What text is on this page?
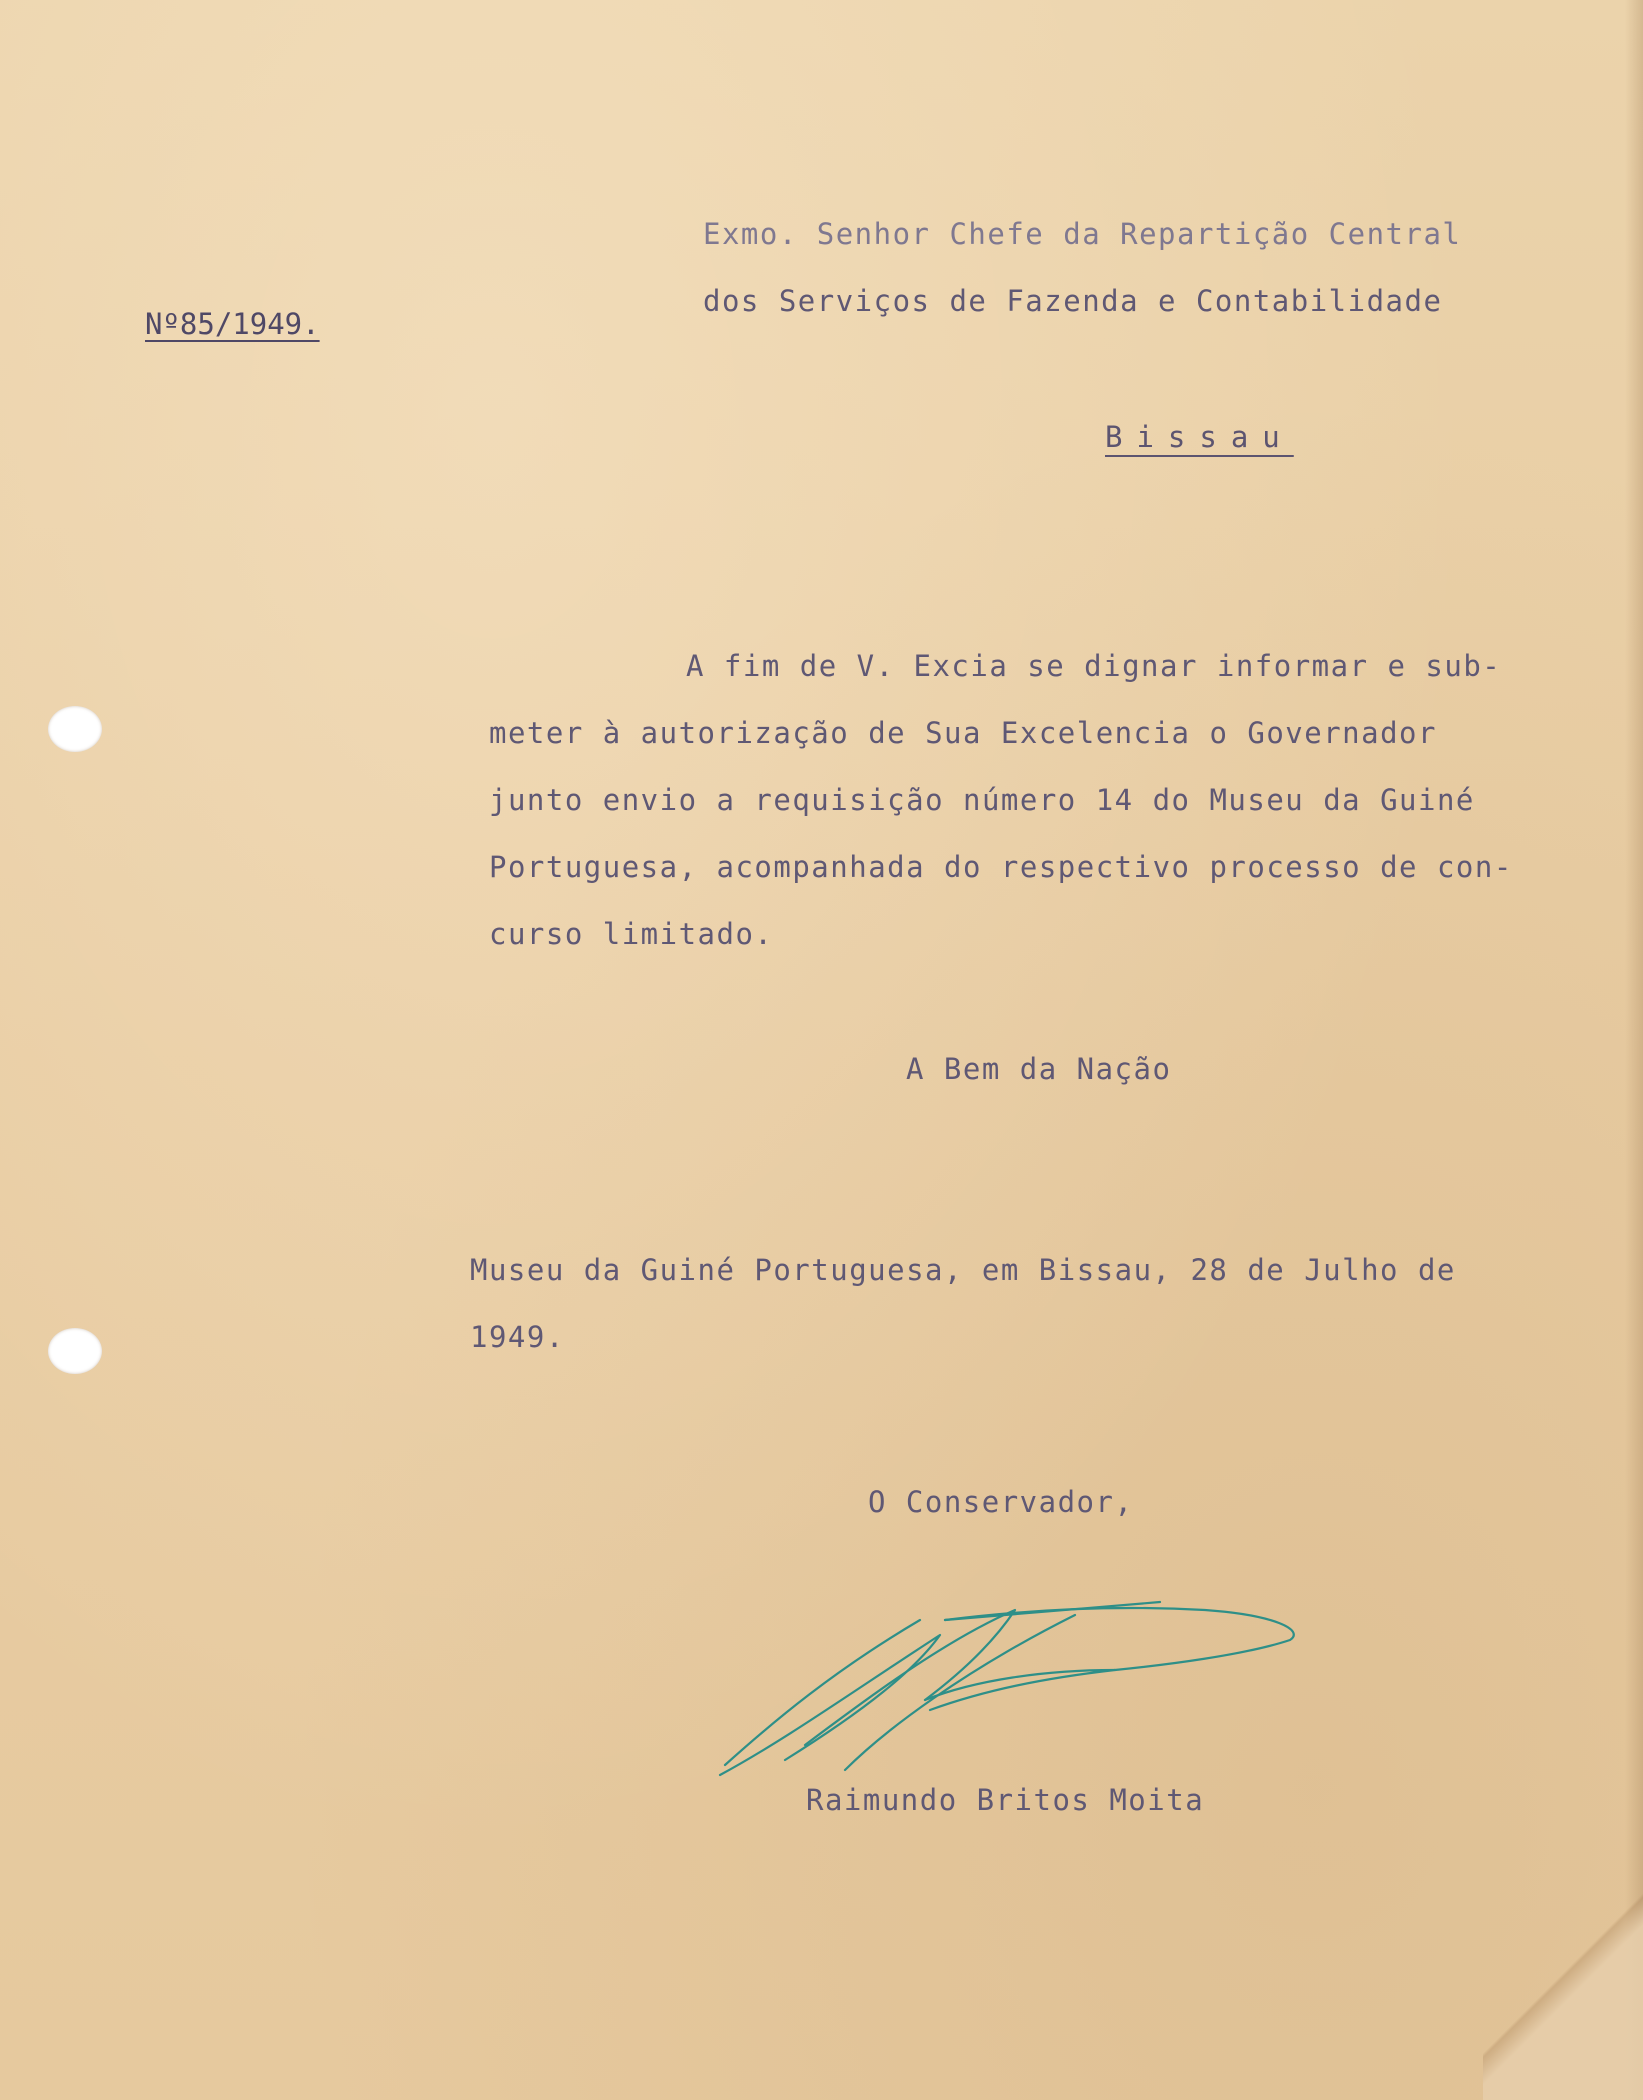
Nº85/1949.
Exmo. Senhor Chefe da Repartição Central
dos Serviços de Fazenda e Contabilidade
Bissau
A fim de V. Excia se dignar informar e sub-
meter à autorização de Sua Excelencia o Governador
junto envio a requisição número 14 do Museu da Guiné
Portuguesa, acompanhada do respectivo processo de con-
curso limitado.
A Bem da Nação
Museu da Guiné Portuguesa, em Bissau, 28 de Julho de
1949.
O Conservador,
Raimundo Britos Moita
